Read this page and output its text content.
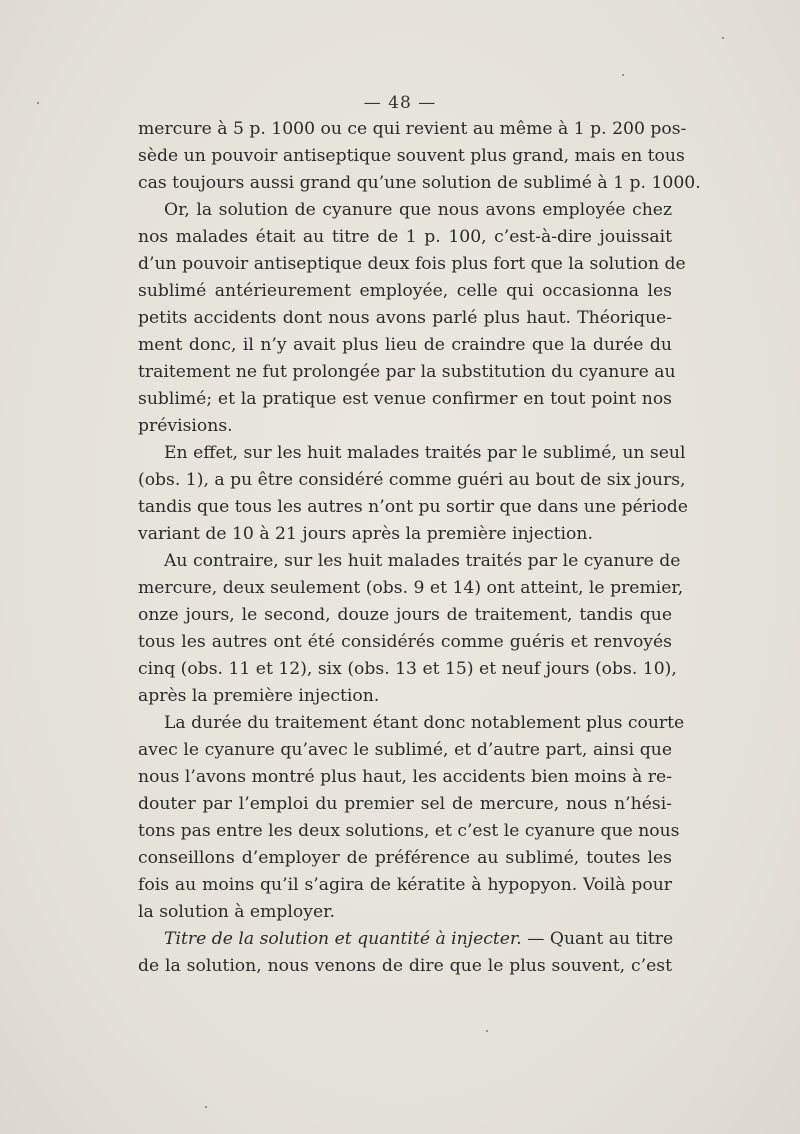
— 48 —
mercure à 5 p. 1000 ou ce qui revient au même à 1 p. 200 pos-
sède un pouvoir antiseptique souvent plus grand, mais en tous
cas toujours aussi grand qu’une solution de sublimé à 1 p. 1000.
Or, la solution de cyanure que nous avons employée chez
nos malades était au titre de 1 p. 100, c’est-à-dire jouissait
d’un pouvoir antiseptique deux fois plus fort que la solution de
sublimé antérieurement employée, celle qui occasionna les
petits accidents dont nous avons parlé plus haut. Théorique-
ment donc, il n’y avait plus lieu de craindre que la durée du
traitement ne fut prolongée par la substitution du cyanure au
sublimé; et la pratique est venue confirmer en tout point nos
prévisions.
En effet, sur les huit malades traités par le sublimé, un seul
(obs. 1), a pu être considéré comme guéri au bout de six jours,
tandis que tous les autres n’ont pu sortir que dans une période
variant de 10 à 21 jours après la première injection.
Au contraire, sur les huit malades traités par le cyanure de
mercure, deux seulement (obs. 9 et 14) ont atteint, le premier,
onze jours, le second, douze jours de traitement, tandis que
tous les autres ont été considérés comme guéris et renvoyés
cinq (obs. 11 et 12), six (obs. 13 et 15) et neuf jours (obs. 10),
après la première injection.
La durée du traitement étant donc notablement plus courte
avec le cyanure qu’avec le sublimé, et d’autre part, ainsi que
nous l’avons montré plus haut, les accidents bien moins à re-
douter par l’emploi du premier sel de mercure, nous n’hési-
tons pas entre les deux solutions, et c’est le cyanure que nous
conseillons d’employer de préférence au sublimé, toutes les
fois au moins qu’il s’agira de kératite à hypopyon. Voilà pour
la solution à employer.
Titre de la solution et quantité à injecter. — Quant au titre
de la solution, nous venons de dire que le plus souvent, c’est
